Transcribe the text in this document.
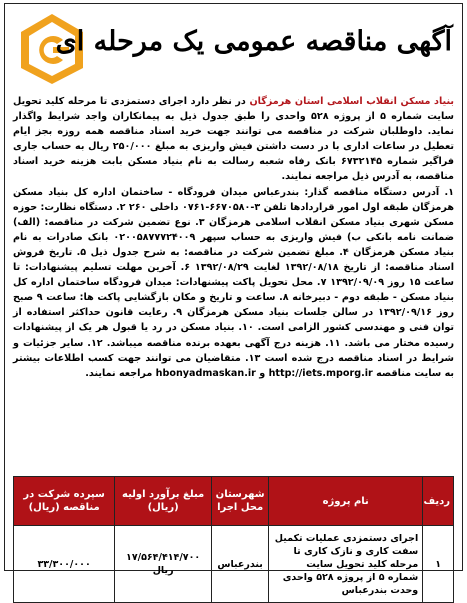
آگهی مناقصه عمومی یک مرحله ای

بنیاد مسکن انقلاب اسلامی استان هرمزگان در نظر دارد اجرای دستمزدی تا مرحله کلید تحویل سایت شماره ۵ از پروژه ۵۲۸ واحدی را طبق جدول ذیل به پیمانکاران واجد شرایط واگذار نماید. داوطلبان شرکت در مناقصه می توانند جهت خرید اسناد مناقصه همه روزه بجز ایام تعطیل در ساعات اداری با در دست داشتن فیش واریزی به مبلغ ۲۵۰/۰۰۰ ریال به حساب جاری فراگیر شماره ۶۷۳۲۱۴۵ بانک رفاه شعبه رسالت به نام بنیاد مسکن بابت هزینه خرید اسناد مناقصه، به آدرس ذیل مراجعه نمایند.

۱. آدرس دستگاه مناقصه گذار: بندرعباس میدان فرودگاه - ساختمان اداره کل بنیاد مسکن هرمزگان طبقه اول امور قراردادها تلفن ۳-۶۶۷۰۵۸۰-۰۷۶۱ داخلی ۲۶۰ ۲. دستگاه نظارت: حوزه مسکن شهری بنیاد مسکن انقلاب اسلامی هرمزگان ۳. نوع تضمین شرکت در مناقصه: (الف) ضمانت نامه بانکی ب) فیش واریزی به حساب سپهر ۰۲۰۰۵۸۷۷۷۲۴۰۰۹ بانک صادرات به نام بنیاد مسکن هرمزگان ۴. مبلغ تضمین شرکت در مناقصه: به شرح جدول ذیل ۵. تاریخ فروش اسناد مناقصه: از تاریخ ۱۳۹۲/۰۸/۱۸ لغایت ۱۳۹۲/۰۸/۲۹ ۶. آخرین مهلت تسلیم پیشنهادات: تا ساعت ۱۵ روز ۱۳۹۲/۰۹/۰۹ ۷. محل تحویل پاکت پیشنهادات: میدان فرودگاه ساختمان اداره کل بنیاد مسکن - طبقه دوم - دبیرخانه ۸. ساعت و تاریخ و مکان بازگشایی پاکت ها: ساعت ۹ صبح روز ۱۳۹۲/۰۹/۱۶ در سالن جلسات بنیاد مسکن هرمزگان ۹. رعایت قانون حداکثر استفاده از توان فنی و مهندسی کشور الزامی است. ۱۰. بنیاد مسکن در رد یا قبول هر یک از پیشنهادات رسیده مختار می باشد. ۱۱. هزینه درج آگهی بعهده برنده مناقصه میباشد. ۱۲. سایر جزئیات و شرایط در اسناد مناقصه درج شده است ۱۳. متقاضیان می توانند جهت کسب اطلاعات بیشتر به سایت مناقصه http://iets.mporg.ir و hbonyadmaskan.ir مراجعه نمایند.

ردیف	نام پروژه	شهرستان محل اجرا	مبلغ برآورد اولیه (ریال)	سپرده شرکت در مناقصه (ریال)
۱	اجرای دستمزدی عملیات تکمیل سفت کاری و نازک کاری تا مرحله کلید تحویل سایت شماره ۵ از پروژه ۵۲۸ واحدی وحدت بندرعباس	بندرعباس	۱۷/۵۶۴/۴۱۴/۷۰۰ ریال	۳۳/۳۰۰/۰۰۰
